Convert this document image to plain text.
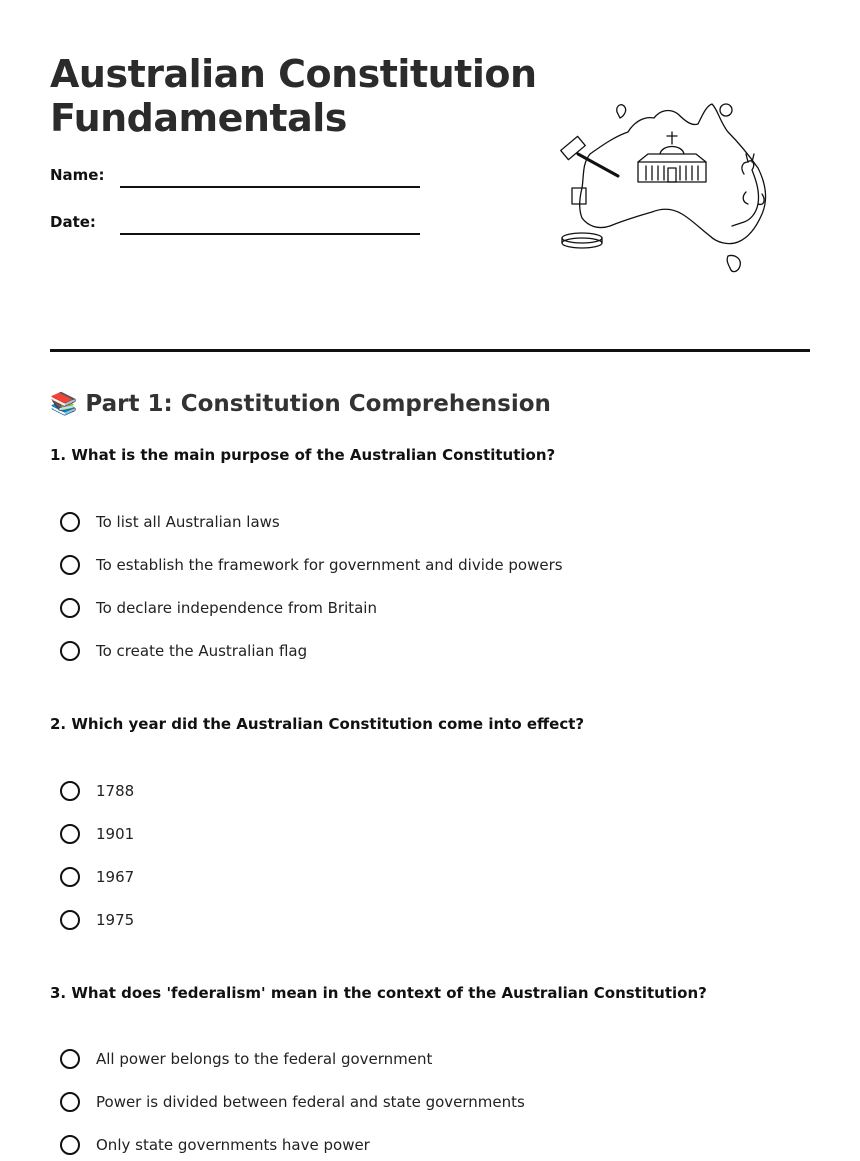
Australian Constitution
Fundamentals
Name:
Date:
📚 Part 1: Constitution Comprehension

1. What is the main purpose of the Australian Constitution?

To list all Australian laws
To establish the framework for government and divide powers
To declare independence from Britain
To create the Australian flag

2. Which year did the Australian Constitution come into effect?

1788
1901
1967
1975

3. What does 'federalism' mean in the context of the Australian Constitution?

All power belongs to the federal government
Power is divided between federal and state governments
Only state governments have power
